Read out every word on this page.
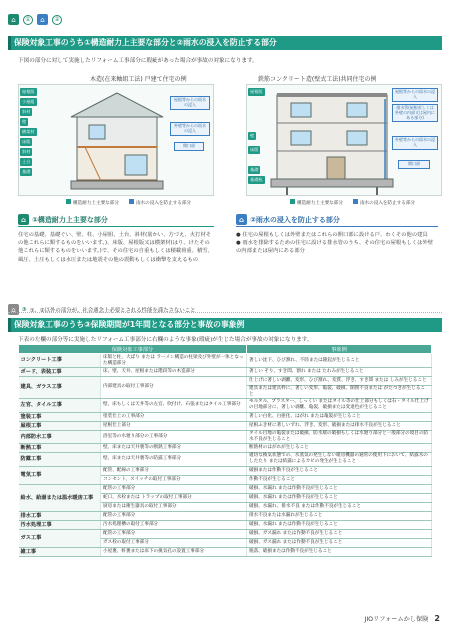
⌂	①	⌂	②
保険対象工事のうち①構造耐力上主要な部分と②雨水の浸入を防止する部分
下図の部分に対して実施したリフォーム工事部分に瑕疵があった場合が事故の対象になります。
木造(在来軸組工法) 戸建て住宅の例	鉄筋コンクリート造(壁式工法)共同住宅の例
屋根版
小屋組
斜材
壁
横架材
床版
斜材
土台
基礎
屋根等からの雨水の浸入
外壁等からの雨水の浸入
開口部
屋根版
壁
床版
基礎
基礎杭
屋根等からの雨水の浸入
排水管(屋根若しくは外壁の内部又は屋内にある部分)
外壁等からの雨水の浸入
開口部
構造耐力上主要な部分	雨水の浸入を防止する部分	構造耐力上主要な部分	雨水の浸入を防止する部分
⌂ ①構造耐力上主要な部分
住宅の基礎、基礎ぐい、壁、柱、小屋組、土台、斜材(筋かい、方づえ、火打材その他これらに類するものをいいます。)、床版、屋根版又は横架材(はり、けたその他これらに類するものをいいます。)で、その住宅の自重もしくは積載荷重、積雪、風圧、土圧もしくは水圧または地震その他の震動もしくは衝撃を支えるもの
⌂ ②雨水の浸入を防止する部分
● 住宅の屋根もしくは外壁またはこれらの開口部に設ける戸、わくその他の建具
● 雨水を排除するための住宅に設ける排水管のうち、その住宅の屋根もしくは外壁の内部または屋内にある部分
⌂	③ ①、②以外の部分が、社会通念上必要とされる性能を満たさないこと
保険対象工事のうち③保険期間が1年間となる部分と事故の事象例
下表の左欄の部分等に実施したリフォーム工事部分に右欄のような事象(瑕疵)が生じた場合が事故の対象になります。
保険対象工事部分		事象例
コンクリート工事	床版と柱、大ばり または ラーメン構造の柱梁及び外壁が一体となった構造部分	著しい沈下、ひび割れ、不陸または隆起が生じること
ボード、表装工事	床、壁、天井、屋根または階段等の木造部分	著しい そり、すき間、割れ または たわみが生じること
建具、ガラス工事	内部建具の取付工事部分	仕上げに著しい剥離、変形、ひび割れ、変質、浮き、すき間 または しみが生じること
		建具または建具枠に、著しい変形、亀裂、破損、開閉不良または がたつきが生じること
左官、タイル工事	壁、床もしくは天井等の左官、吹付け、石張またはタイル工事部分	モルタル、プラスター、しっくい またはタイル等の仕上部分もしくは石・タイル仕上げの目地部分に、著しい剥離、亀裂、破損または変退色が生じること
塗装工事	塗装仕上の工事部分	著しい白化、白亜化、はがれ または亀裂が生じること
屋根工事	屋根仕上部分	屋根ふき材に著しいずれ、浮き、変形、破損または排水不良が生じること
内部防水工事	浴室等の水廻り部分の工事部分	タイル目地の亀裂または破損、防水層の破損もしくは水廻り部分と一般部分の境目の防水不良が生じること
断熱工事	壁、床または天井裏等の断熱工事部分	断熱材のはがれが生じること
防露工事	壁、床または天井裏等の防露工事部分	適切な換気状態での、水蒸気の発生しない暖房機器の通常の使用下において、結露水のしたたり または結露によるカビの発生が生じること
電気工事	配管、配線の工事部分	破損または作動不良が生じること
	コンセント、スイッチの取付工事部分	作動不良が生じること
給水、給湯または温水暖房工事	配管の工事部分	破損、水漏れ または作動不良が生じること
	蛇口、水栓または トラップの取付工事部分	破損、水漏れ または作動不良が生じること
	厨房または衛生器具の取付工事部分	破損、水漏れ、排水不良 または作動不良が生じること
排水工事	配管の工事部分	排水不良または水漏れが生じること
汚水処理工事	汚水処理槽の取付工事部分	破損、水漏れ または作動不良が生じること
ガス工事	配管の工事部分	破損、ガス漏れ または作動不良が生じること
	ガス栓の取付工事部分	破損、ガス漏れ または作動不良が生じること
雑工事	小屋裏、軒裏または床下の換気孔の設置工事部分	脱落、破損または作動不良が生じること
JIOリフォームかし保険 2
